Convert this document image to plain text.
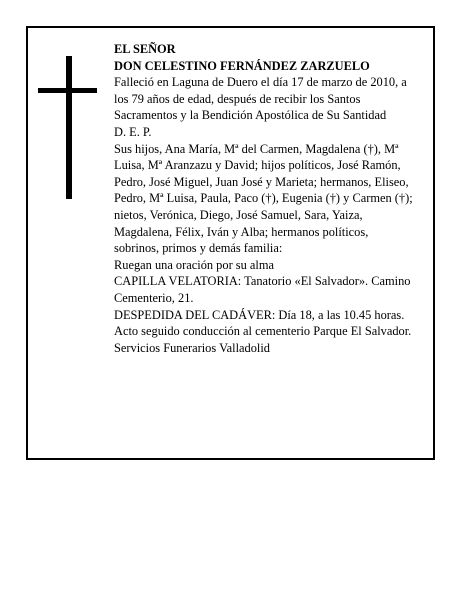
EL SEÑOR

DON CELESTINO FERNÁNDEZ ZARZUELO

Falleció en Laguna de Duero el día 17 de marzo de 2010, a los 79 años de edad, después de recibir los Santos Sacramentos y la Bendición Apostólica de Su Santidad

D. E. P.

Sus hijos, Ana María, Mª del Carmen, Magdalena (†), Mª Luisa, Mª Aranzazu y David; hijos políticos, José Ramón, Pedro, José Miguel, Juan José y Marieta; hermanos, Eliseo, Pedro, Mª Luisa, Paula, Paco (†), Eugenia (†) y Carmen (†); nietos, Verónica, Diego, José Samuel, Sara, Yaiza, Magdalena, Félix, Iván y Alba; hermanos políticos, sobrinos, primos y demás familia:

Ruegan una oración por su alma

CAPILLA VELATORIA: Tanatorio «El Salvador». Camino Cementerio, 21.

DESPEDIDA DEL CADÁVER: Día 18, a las 10.45 horas. Acto seguido conducción al cementerio Parque El Salvador.

Servicios Funerarios Valladolid
